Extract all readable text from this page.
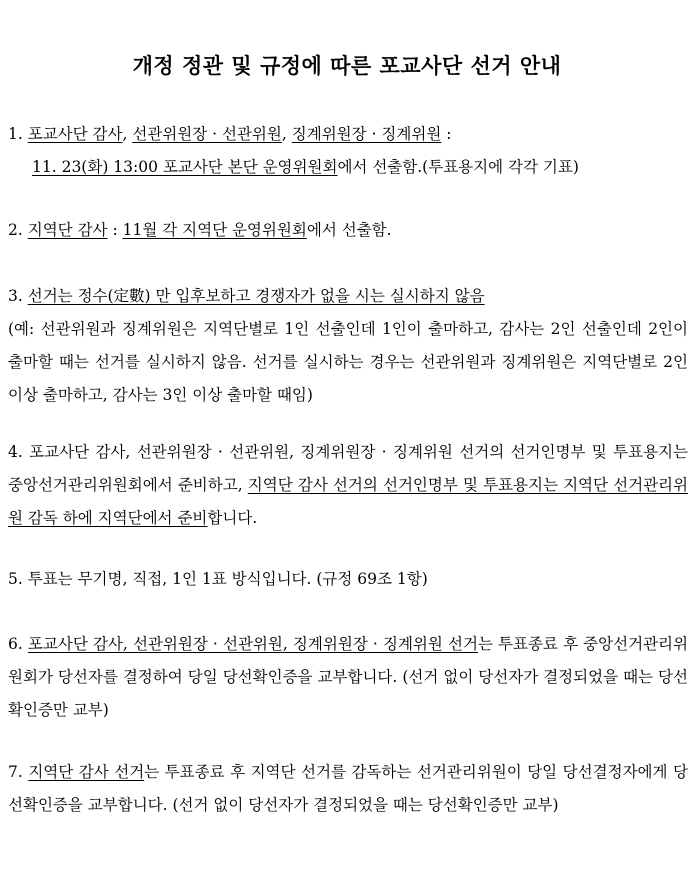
개정 정관 및 규정에 따른 포교사단 선거 안내
1. 포교사단 감사, 선관위원장 · 선관위원, 징계위원장 · 징계위원 :
11. 23(화) 13:00 포교사단 본단 운영위원회에서 선출함.(투표용지에 각각 기표)
2. 지역단 감사 : 11월 각 지역단 운영위원회에서 선출함.
3. 선거는 정수(定數) 만 입후보하고 경쟁자가 없을 시는 실시하지 않음
(예: 선관위원과 징계위원은 지역단별로 1인 선출인데 1인이 출마하고, 감사는 2인 선출인데 2인이 출마할 때는 선거를 실시하지 않음. 선거를 실시하는 경우는 선관위원과 징계위원은 지역단별로 2인 이상 출마하고, 감사는 3인 이상 출마할 때임)
4. 포교사단 감사, 선관위원장 · 선관위원, 징계위원장 · 징계위원 선거의 선거인명부 및 투표용지는 중앙선거관리위원회에서 준비하고, 지역단 감사 선거의 선거인명부 및 투표용지는 지역단 선거관리위원 감독 하에 지역단에서 준비합니다.
5. 투표는 무기명, 직접, 1인 1표 방식입니다. (규정 69조 1항)
6. 포교사단 감사, 선관위원장 · 선관위원, 징계위원장 · 징계위원 선거는 투표종료 후 중앙선거관리위원회가 당선자를 결정하여 당일 당선확인증을 교부합니다. (선거 없이 당선자가 결정되었을 때는 당선확인증만 교부)
7. 지역단 감사 선거는 투표종료 후 지역단 선거를 감독하는 선거관리위원이 당일 당선결정자에게 당선확인증을 교부합니다. (선거 없이 당선자가 결정되었을 때는 당선확인증만 교부)
